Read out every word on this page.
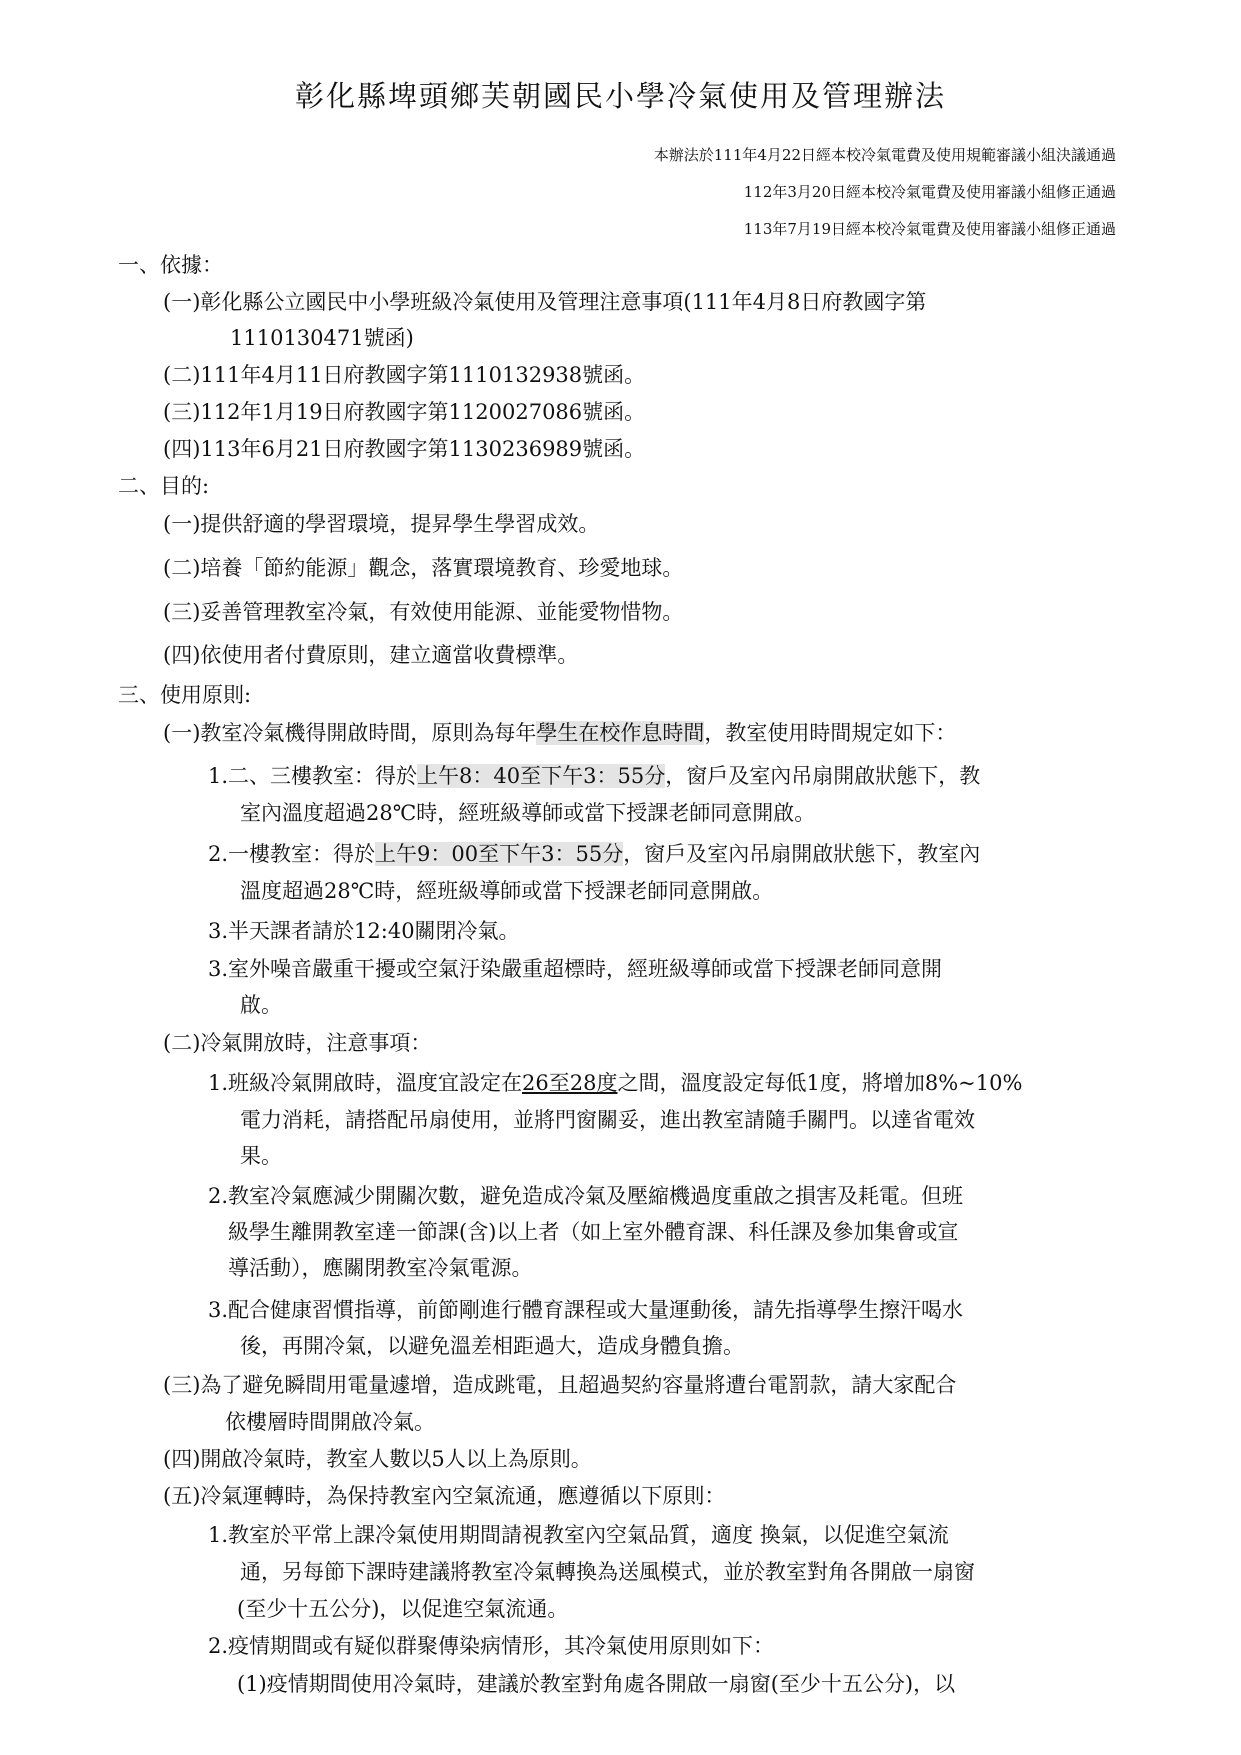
彰化縣埤頭鄉芙朝國民小學冷氣使用及管理辦法
本辦法於111年4月22日經本校冷氣電費及使用規範審議小組決議通過
112年3月20日經本校冷氣電費及使用審議小組修正通過
113年7月19日經本校冷氣電費及使用審議小組修正通過
一、依據：
(一)彰化縣公立國民中小學班級冷氣使用及管理注意事項(111年4月8日府教國字第
1110130471號函)
(二)111年4月11日府教國字第1110132938號函。
(三)112年1月19日府教國字第1120027086號函。
(四)113年6月21日府教國字第1130236989號函。
二、目的:
(一)提供舒適的學習環境，提昇學生學習成效。
(二)培養「節約能源」觀念，落實環境教育、珍愛地球。
(三)妥善管理教室冷氣，有效使用能源、並能愛物惜物。
(四)依使用者付費原則，建立適當收費標準。
三、使用原則:
(一)教室冷氣機得開啟時間，原則為每年學生在校作息時間，教室使用時間規定如下：
1.二、三樓教室：得於上午8：40至下午3：55分，窗戶及室內吊扇開啟狀態下，教
室內溫度超過28℃時，經班級導師或當下授課老師同意開啟。
2.一樓教室：得於上午9：00至下午3：55分，窗戶及室內吊扇開啟狀態下，教室內
溫度超過28℃時，經班級導師或當下授課老師同意開啟。
3.半天課者請於12:40關閉冷氣。
3.室外噪音嚴重干擾或空氣汙染嚴重超標時，經班級導師或當下授課老師同意開
啟。
(二)冷氣開放時，注意事項：
1.班級冷氣開啟時，溫度宜設定在26至28度之間，溫度設定每低1度，將增加8%~10%
電力消耗，請搭配吊扇使用，並將門窗關妥，進出教室請隨手關門。以達省電效
果。
2.教室冷氣應減少開關次數，避免造成冷氣及壓縮機過度重啟之損害及耗電。但班
級學生離開教室達一節課(含)以上者（如上室外體育課、科任課及參加集會或宣
導活動），應關閉教室冷氣電源。
3.配合健康習慣指導，前節剛進行體育課程或大量運動後，請先指導學生擦汗喝水
後，再開冷氣，以避免溫差相距過大，造成身體負擔。
(三)為了避免瞬間用電量遽增，造成跳電，且超過契約容量將遭台電罰款，請大家配合
依樓層時間開啟冷氣。
(四)開啟冷氣時，教室人數以5人以上為原則。
(五)冷氣運轉時，為保持教室內空氣流通，應遵循以下原則：
1.教室於平常上課冷氣使用期間請視教室內空氣品質，適度 換氣，以促進空氣流
通，另每節下課時建議將教室冷氣轉換為送風模式，並於教室對角各開啟一扇窗
(至少十五公分)，以促進空氣流通。
2.疫情期間或有疑似群聚傳染病情形，其冷氣使用原則如下：
(1)疫情期間使用冷氣時，建議於教室對角處各開啟一扇窗(至少十五公分)，以
